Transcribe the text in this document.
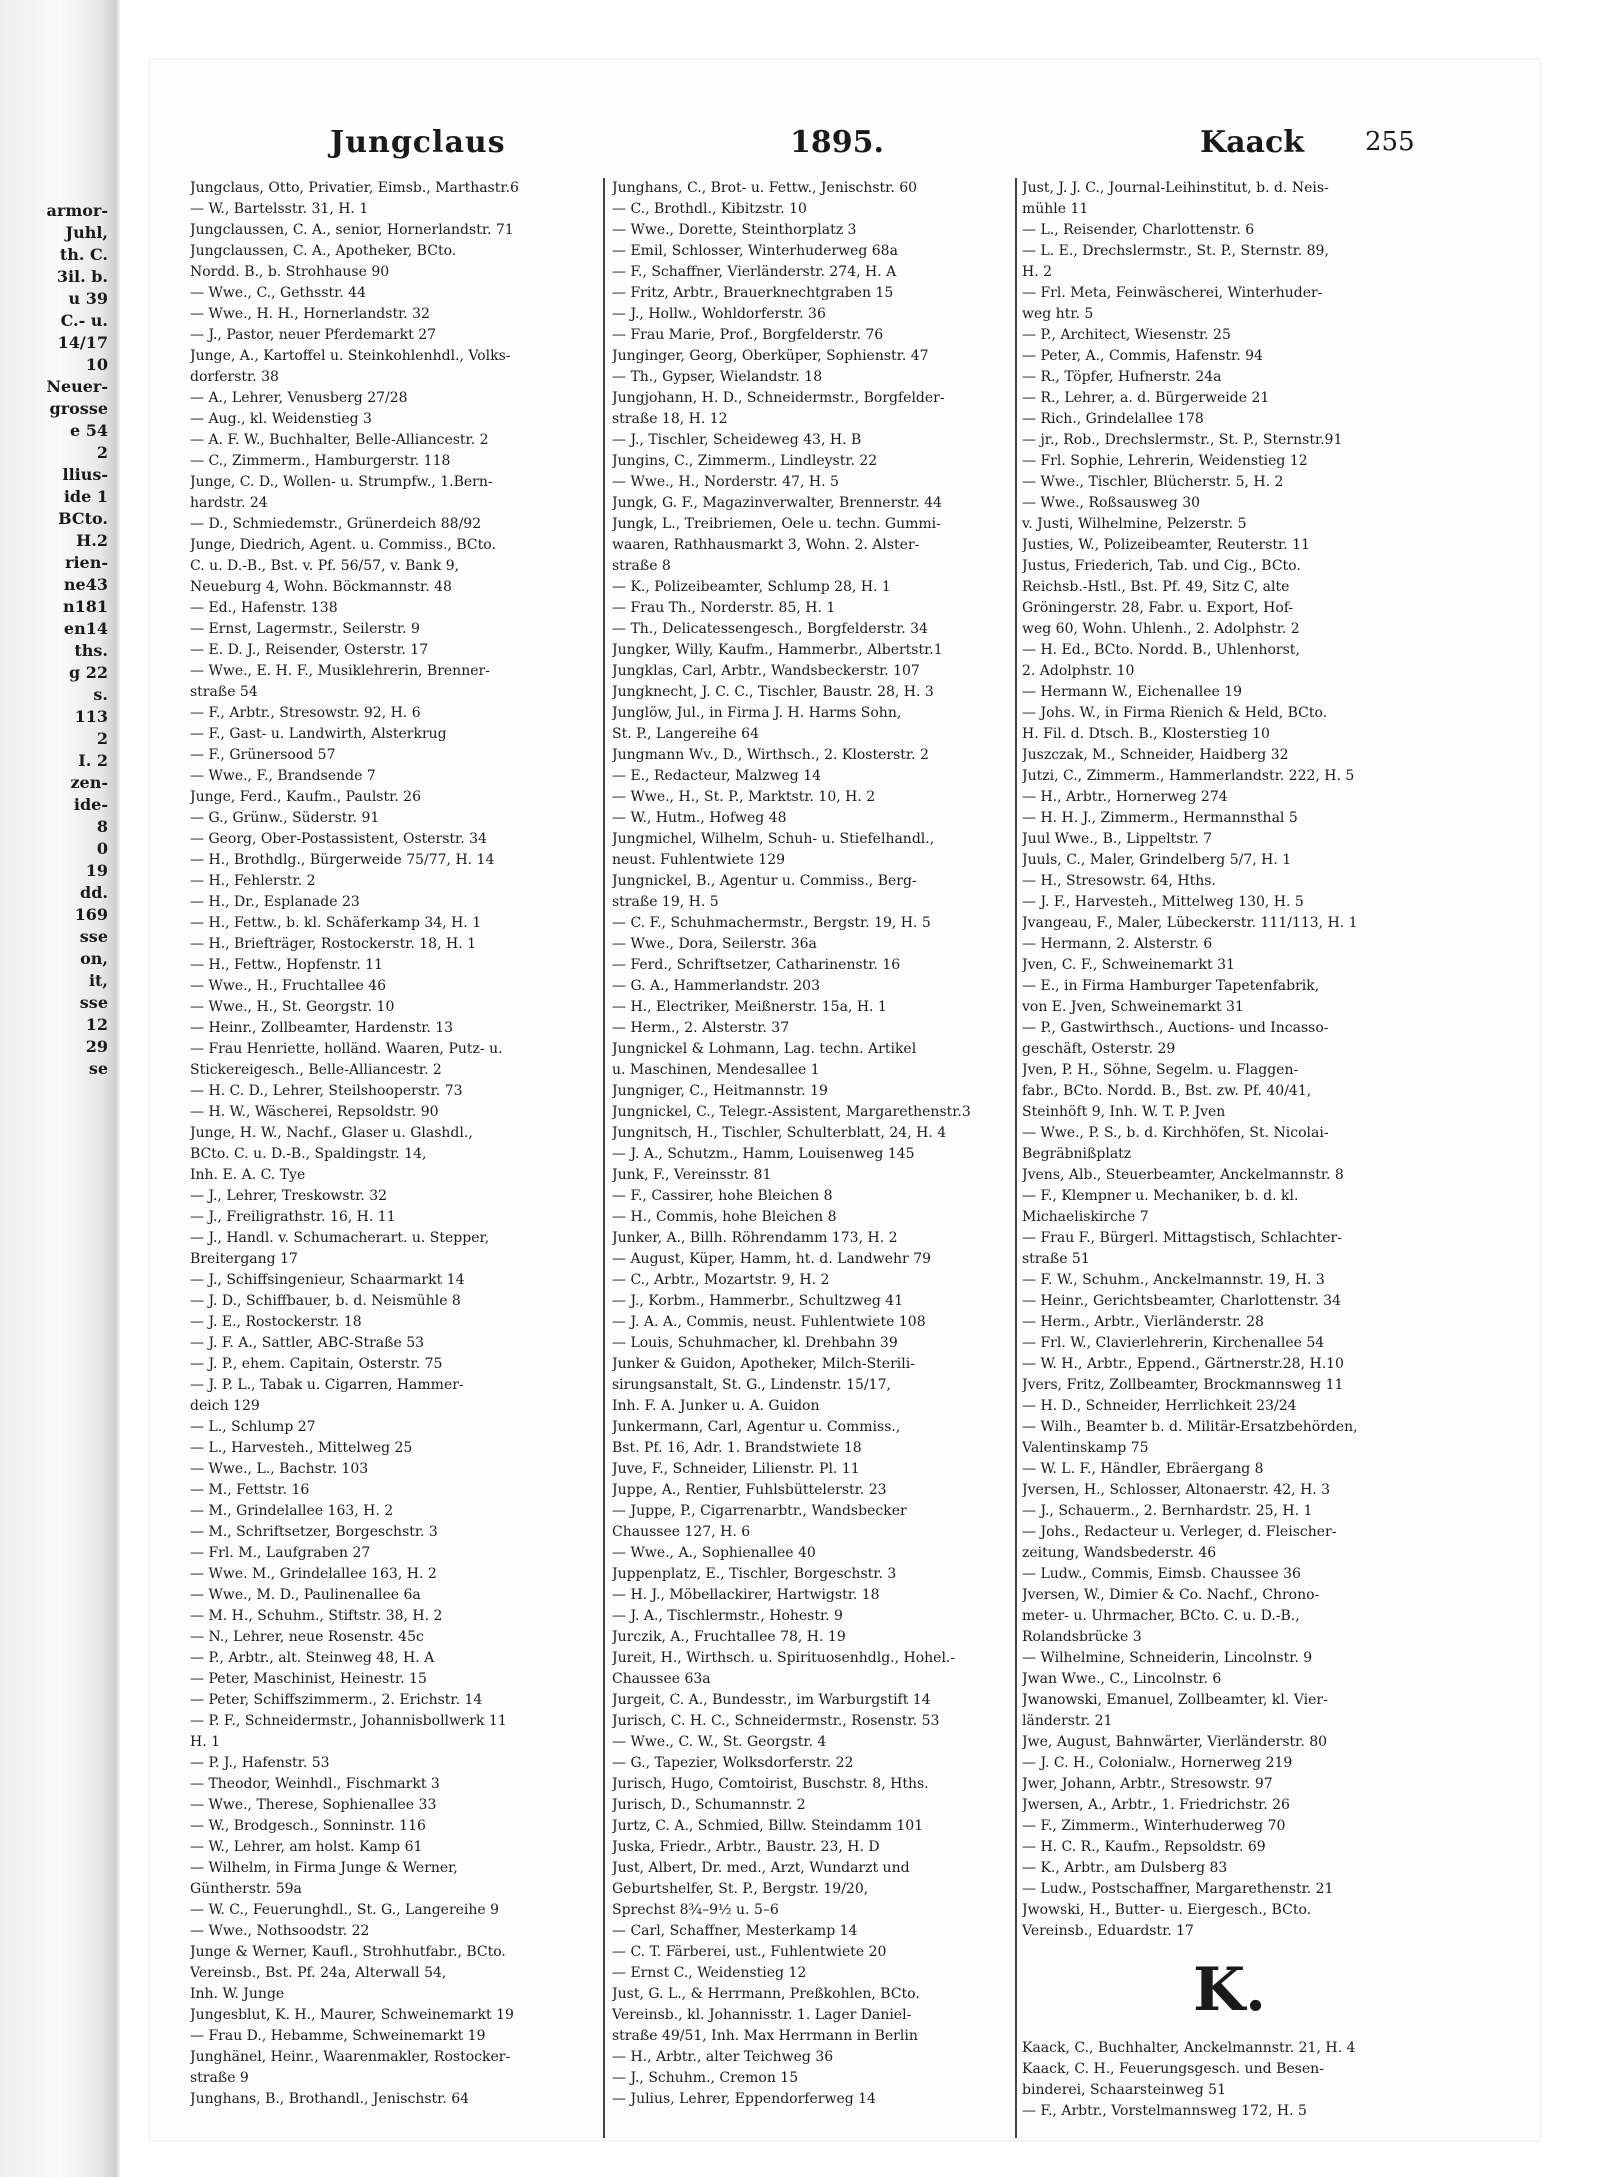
armor-
Juhl,
th. C.
3il. b.
u 39
C.- u.
14/17
10
Neuer-
grosse
e 54
2
llius-
ide 1
BCto.
H.2
rien-
ne43
n181
en14
ths.
g 22
s.
113
2
I. 2
zen-
ide-
8
0
19
dd.
169
sse
on,
it,
sse
12
29
se
Jungclaus	1895.	Kaack 255
Jungclaus, Otto, Privatier, Eimsb., Marthastr.6
— W., Bartelsstr. 31, H. 1
Jungclaussen, C. A., senior, Hornerlandstr. 71
Jungclaussen, C. A., Apotheker, BCto.
Nordd. B., b. Strohhause 90
— Wwe., C., Gethsstr. 44
— Wwe., H. H., Hornerlandstr. 32
— J., Pastor, neuer Pferdemarkt 27
Junge, A., Kartoffel u. Steinkohlenhdl., Volks-
dorferstr. 38
— A., Lehrer, Venusberg 27/28
— Aug., kl. Weidenstieg 3
— A. F. W., Buchhalter, Belle-Alliancestr. 2
— C., Zimmerm., Hamburgerstr. 118
Junge, C. D., Wollen- u. Strumpfw., 1.Bern-
hardstr. 24
— D., Schmiedemstr., Grünerdeich 88/92
Junge, Diedrich, Agent. u. Commiss., BCto.
C. u. D.-B., Bst. v. Pf. 56/57, v. Bank 9,
Neueburg 4, Wohn. Böckmannstr. 48
— Ed., Hafenstr. 138
— Ernst, Lagermstr., Seilerstr. 9
— E. D. J., Reisender, Osterstr. 17
— Wwe., E. H. F., Musiklehrerin, Brenner-
straße 54
— F., Arbtr., Stresowstr. 92, H. 6
— F., Gast- u. Landwirth, Alsterkrug
— F., Grünersood 57
— Wwe., F., Brandsende 7
Junge, Ferd., Kaufm., Paulstr. 26
— G., Grünw., Süderstr. 91
— Georg, Ober-Postassistent, Osterstr. 34
— H., Brothdlg., Bürgerweide 75/77, H. 14
— H., Fehlerstr. 2
— H., Dr., Esplanade 23
— H., Fettw., b. kl. Schäferkamp 34, H. 1
— H., Briefträger, Rostockerstr. 18, H. 1
— H., Fettw., Hopfenstr. 11
— Wwe., H., Fruchtallee 46
— Wwe., H., St. Georgstr. 10
— Heinr., Zollbeamter, Hardenstr. 13
— Frau Henriette, holländ. Waaren, Putz- u.
Stickereigesch., Belle-Alliancestr. 2
— H. C. D., Lehrer, Steilshooperstr. 73
— H. W., Wäscherei, Repsoldstr. 90
Junge, H. W., Nachf., Glaser u. Glashdl.,
BCto. C. u. D.-B., Spaldingstr. 14,
Inh. E. A. C. Tye
— J., Lehrer, Treskowstr. 32
— J., Freiligrathstr. 16, H. 11
— J., Handl. v. Schumacherart. u. Stepper,
Breitergang 17
— J., Schiffsingenieur, Schaarmarkt 14
— J. D., Schiffbauer, b. d. Neismühle 8
— J. E., Rostockerstr. 18
— J. F. A., Sattler, ABC-Straße 53
— J. P., ehem. Capitain, Osterstr. 75
— J. P. L., Tabak u. Cigarren, Hammer-
deich 129
— L., Schlump 27
— L., Harvesteh., Mittelweg 25
— Wwe., L., Bachstr. 103
— M., Fettstr. 16
— M., Grindelallee 163, H. 2
— M., Schriftsetzer, Borgeschstr. 3
— Frl. M., Laufgraben 27
— Wwe. M., Grindelallee 163, H. 2
— Wwe., M. D., Paulinenallee 6a
— M. H., Schuhm., Stiftstr. 38, H. 2
— N., Lehrer, neue Rosenstr. 45c
— P., Arbtr., alt. Steinweg 48, H. A
— Peter, Maschinist, Heinestr. 15
— Peter, Schiffszimmerm., 2. Erichstr. 14
— P. F., Schneidermstr., Johannisbollwerk 11
H. 1
— P. J., Hafenstr. 53
— Theodor, Weinhdl., Fischmarkt 3
— Wwe., Therese, Sophienallee 33
— W., Brodgesch., Sonninstr. 116
— W., Lehrer, am holst. Kamp 61
— Wilhelm, in Firma Junge & Werner,
Güntherstr. 59a
— W. C., Feuerunghdl., St. G., Langereihe 9
— Wwe., Nothsoodstr. 22
Junge & Werner, Kaufl., Strohhutfabr., BCto.
Vereinsb., Bst. Pf. 24a, Alterwall 54,
Inh. W. Junge
Jungesblut, K. H., Maurer, Schweinemarkt 19
— Frau D., Hebamme, Schweinemarkt 19
Junghänel, Heinr., Waarenmakler, Rostocker-
straße 9
Junghans, B., Brothandl., Jenischstr. 64
Junghans, C., Brot- u. Fettw., Jenischstr. 60
— C., Brothdl., Kibitzstr. 10
— Wwe., Dorette, Steinthorplatz 3
— Emil, Schlosser, Winterhuderweg 68a
— F., Schaffner, Vierländerstr. 274, H. A
— Fritz, Arbtr., Brauerknechtgraben 15
— J., Hollw., Wohldorferstr. 36
— Frau Marie, Prof., Borgfelderstr. 76
Junginger, Georg, Oberküper, Sophienstr. 47
— Th., Gypser, Wielandstr. 18
Jungjohann, H. D., Schneidermstr., Borgfelder-
straße 18, H. 12
— J., Tischler, Scheideweg 43, H. B
Jungins, C., Zimmerm., Lindleystr. 22
— Wwe., H., Norderstr. 47, H. 5
Jungk, G. F., Magazinverwalter, Brennerstr. 44
Jungk, L., Treibriemen, Oele u. techn. Gummi-
waaren, Rathhausmarkt 3, Wohn. 2. Alster-
straße 8
— K., Polizeibeamter, Schlump 28, H. 1
— Frau Th., Norderstr. 85, H. 1
— Th., Delicatessengesch., Borgfelderstr. 34
Jungker, Willy, Kaufm., Hammerbr., Albertstr.1
Jungklas, Carl, Arbtr., Wandsbeckerstr. 107
Jungknecht, J. C. C., Tischler, Baustr. 28, H. 3
Junglöw, Jul., in Firma J. H. Harms Sohn,
St. P., Langereihe 64
Jungmann Wv., D., Wirthsch., 2. Klosterstr. 2
— E., Redacteur, Malzweg 14
— Wwe., H., St. P., Marktstr. 10, H. 2
— W., Hutm., Hofweg 48
Jungmichel, Wilhelm, Schuh- u. Stiefelhandl.,
neust. Fuhlentwiete 129
Jungnickel, B., Agentur u. Commiss., Berg-
straße 19, H. 5
— C. F., Schuhmachermstr., Bergstr. 19, H. 5
— Wwe., Dora, Seilerstr. 36a
— Ferd., Schriftsetzer, Catharinenstr. 16
— G. A., Hammerlandstr. 203
— H., Electriker, Meißnerstr. 15a, H. 1
— Herm., 2. Alsterstr. 37
Jungnickel & Lohmann, Lag. techn. Artikel
u. Maschinen, Mendesallee 1
Jungniger, C., Heitmannstr. 19
Jungnickel, C., Telegr.-Assistent, Margarethenstr.3
Jungnitsch, H., Tischler, Schulterblatt, 24, H. 4
— J. A., Schutzm., Hamm, Louisenweg 145
Junk, F., Vereinsstr. 81
— F., Cassirer, hohe Bleichen 8
— H., Commis, hohe Bleichen 8
Junker, A., Billh. Röhrendamm 173, H. 2
— August, Küper, Hamm, ht. d. Landwehr 79
— C., Arbtr., Mozartstr. 9, H. 2
— J., Korbm., Hammerbr., Schultzweg 41
— J. A. A., Commis, neust. Fuhlentwiete 108
— Louis, Schuhmacher, kl. Drehbahn 39
Junker & Guidon, Apotheker, Milch-Sterili-
sirungsanstalt, St. G., Lindenstr. 15/17,
Inh. F. A. Junker u. A. Guidon
Junkermann, Carl, Agentur u. Commiss.,
Bst. Pf. 16, Adr. 1. Brandstwiete 18
Juve, F., Schneider, Lilienstr. Pl. 11
Juppe, A., Rentier, Fuhlsbüttelerstr. 23
— Juppe, P., Cigarrenarbtr., Wandsbecker
Chaussee 127, H. 6
— Wwe., A., Sophienallee 40
Juppenplatz, E., Tischler, Borgeschstr. 3
— H. J., Möbellackirer, Hartwigstr. 18
— J. A., Tischlermstr., Hohestr. 9
Jurczik, A., Fruchtallee 78, H. 19
Jureit, H., Wirthsch. u. Spirituosenhdlg., Hohel.-
Chaussee 63a
Jurgeit, C. A., Bundesstr., im Warburgstift 14
Jurisch, C. H. C., Schneidermstr., Rosenstr. 53
— Wwe., C. W., St. Georgstr. 4
— G., Tapezier, Wolksdorferstr. 22
Jurisch, Hugo, Comtoirist, Buschstr. 8, Hths.
Jurisch, D., Schumannstr. 2
Jurtz, C. A., Schmied, Billw. Steindamm 101
Juska, Friedr., Arbtr., Baustr. 23, H. D
Just, Albert, Dr. med., Arzt, Wundarzt und
Geburtshelfer, St. P., Bergstr. 19/20,
Sprechst 8¾–9½ u. 5–6
— Carl, Schaffner, Mesterkamp 14
— C. T. Färberei, ust., Fuhlentwiete 20
— Ernst C., Weidenstieg 12
Just, G. L., & Herrmann, Preßkohlen, BCto.
Vereinsb., kl. Johannisstr. 1. Lager Daniel-
straße 49/51, Inh. Max Herrmann in Berlin
— H., Arbtr., alter Teichweg 36
— J., Schuhm., Cremon 15
— Julius, Lehrer, Eppendorferweg 14
Just, J. J. C., Journal-Leihinstitut, b. d. Neis-
mühle 11
— L., Reisender, Charlottenstr. 6
— L. E., Drechslermstr., St. P., Sternstr. 89,
H. 2
— Frl. Meta, Feinwäscherei, Winterhuder-
weg htr. 5
— P., Architect, Wiesenstr. 25
— Peter, A., Commis, Hafenstr. 94
— R., Töpfer, Hufnerstr. 24a
— R., Lehrer, a. d. Bürgerweide 21
— Rich., Grindelallee 178
— jr., Rob., Drechslermstr., St. P., Sternstr.91
— Frl. Sophie, Lehrerin, Weidenstieg 12
— Wwe., Tischler, Blücherstr. 5, H. 2
— Wwe., Roßsausweg 30
v. Justi, Wilhelmine, Pelzerstr. 5
Justies, W., Polizeibeamter, Reuterstr. 11
Justus, Friederich, Tab. und Cig., BCto.
Reichsb.-Hstl., Bst. Pf. 49, Sitz C, alte
Gröningerstr. 28, Fabr. u. Export, Hof-
weg 60, Wohn. Uhlenh., 2. Adolphstr. 2
— H. Ed., BCto. Nordd. B., Uhlenhorst,
2. Adolphstr. 10
— Hermann W., Eichenallee 19
— Johs. W., in Firma Rienich & Held, BCto.
H. Fil. d. Dtsch. B., Klosterstieg 10
Juszczak, M., Schneider, Haidberg 32
Jutzi, C., Zimmerm., Hammerlandstr. 222, H. 5
— H., Arbtr., Hornerweg 274
— H. H. J., Zimmerm., Hermannsthal 5
Juul Wwe., B., Lippeltstr. 7
Juuls, C., Maler, Grindelberg 5/7, H. 1
— H., Stresowstr. 64, Hths.
— J. F., Harvesteh., Mittelweg 130, H. 5
Jvangeau, F., Maler, Lübeckerstr. 111/113, H. 1
— Hermann, 2. Alsterstr. 6
Jven, C. F., Schweinemarkt 31
— E., in Firma Hamburger Tapetenfabrik,
von E. Jven, Schweinemarkt 31
— P., Gastwirthsch., Auctions- und Incasso-
geschäft, Osterstr. 29
Jven, P. H., Söhne, Segelm. u. Flaggen-
fabr., BCto. Nordd. B., Bst. zw. Pf. 40/41,
Steinhöft 9, Inh. W. T. P. Jven
— Wwe., P. S., b. d. Kirchhöfen, St. Nicolai-
Begräbnißplatz
Jvens, Alb., Steuerbeamter, Anckelmannstr. 8
— F., Klempner u. Mechaniker, b. d. kl.
Michaeliskirche 7
— Frau F., Bürgerl. Mittagstisch, Schlachter-
straße 51
— F. W., Schuhm., Anckelmannstr. 19, H. 3
— Heinr., Gerichtsbeamter, Charlottenstr. 34
— Herm., Arbtr., Vierländerstr. 28
— Frl. W., Clavierlehrerin, Kirchenallee 54
— W. H., Arbtr., Eppend., Gärtnerstr.28, H.10
Jvers, Fritz, Zollbeamter, Brockmannsweg 11
— H. D., Schneider, Herrlichkeit 23/24
— Wilh., Beamter b. d. Militär-Ersatzbehörden,
Valentinskamp 75
— W. L. F., Händler, Ebräergang 8
Jversen, H., Schlosser, Altonaerstr. 42, H. 3
— J., Schauerm., 2. Bernhardstr. 25, H. 1
— Johs., Redacteur u. Verleger, d. Fleischer-
zeitung, Wandsbederstr. 46
— Ludw., Commis, Eimsb. Chaussee 36
Jversen, W., Dimier & Co. Nachf., Chrono-
meter- u. Uhrmacher, BCto. C. u. D.-B.,
Rolandsbrücke 3
— Wilhelmine, Schneiderin, Lincolnstr. 9
Jwan Wwe., C., Lincolnstr. 6
Jwanowski, Emanuel, Zollbeamter, kl. Vier-
länderstr. 21
Jwe, August, Bahnwärter, Vierländerstr. 80
— J. C. H., Colonialw., Hornerweg 219
Jwer, Johann, Arbtr., Stresowstr. 97
Jwersen, A., Arbtr., 1. Friedrichstr. 26
— F., Zimmerm., Winterhuderweg 70
— H. C. R., Kaufm., Repsoldstr. 69
— K., Arbtr., am Dulsberg 83
— Ludw., Postschaffner, Margarethenstr. 21
Jwowski, H., Butter- u. Eiergesch., BCto.
Vereinsb., Eduardstr. 17
K.
Kaack, C., Buchhalter, Anckelmannstr. 21, H. 4
Kaack, C. H., Feuerungsgesch. und Besen-
binderei, Schaarsteinweg 51
— F., Arbtr., Vorstelmannsweg 172, H. 5
